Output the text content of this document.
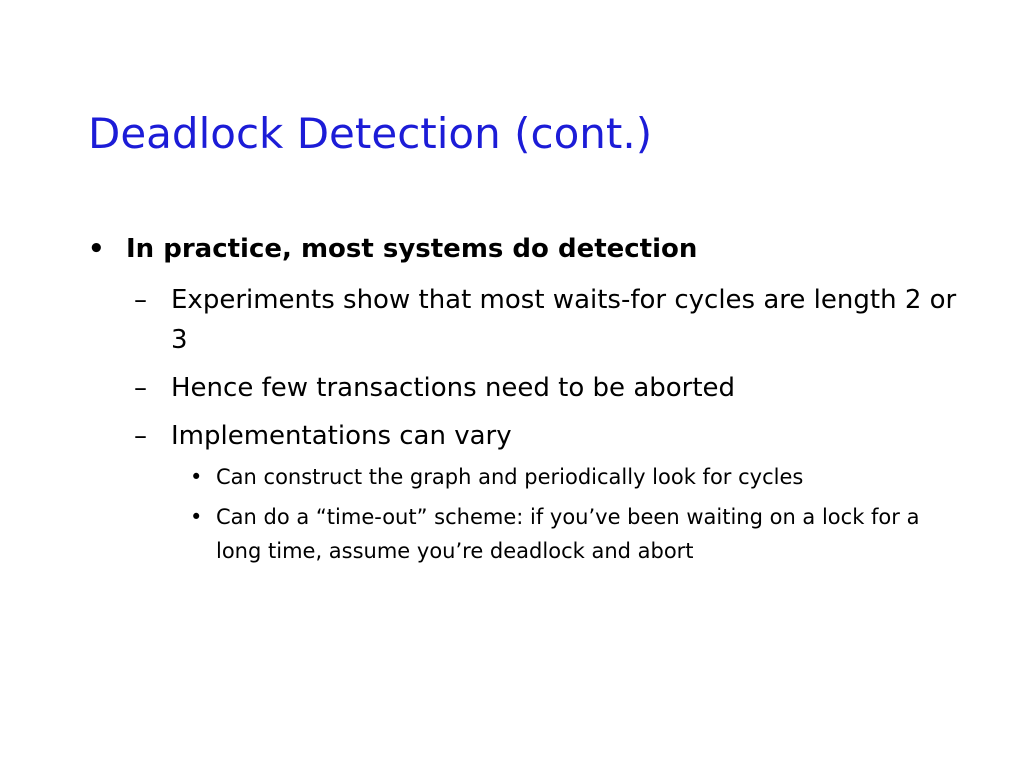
Deadlock Detection (cont.)
• In practice, most systems do detection
– Experiments show that most waits-for cycles are length 2 or 3
– Hence few transactions need to be aborted
– Implementations can vary
• Can construct the graph and periodically look for cycles
• Can do a “time-out” scheme: if you’ve been waiting on a lock for a long time, assume you’re deadlock and abort
